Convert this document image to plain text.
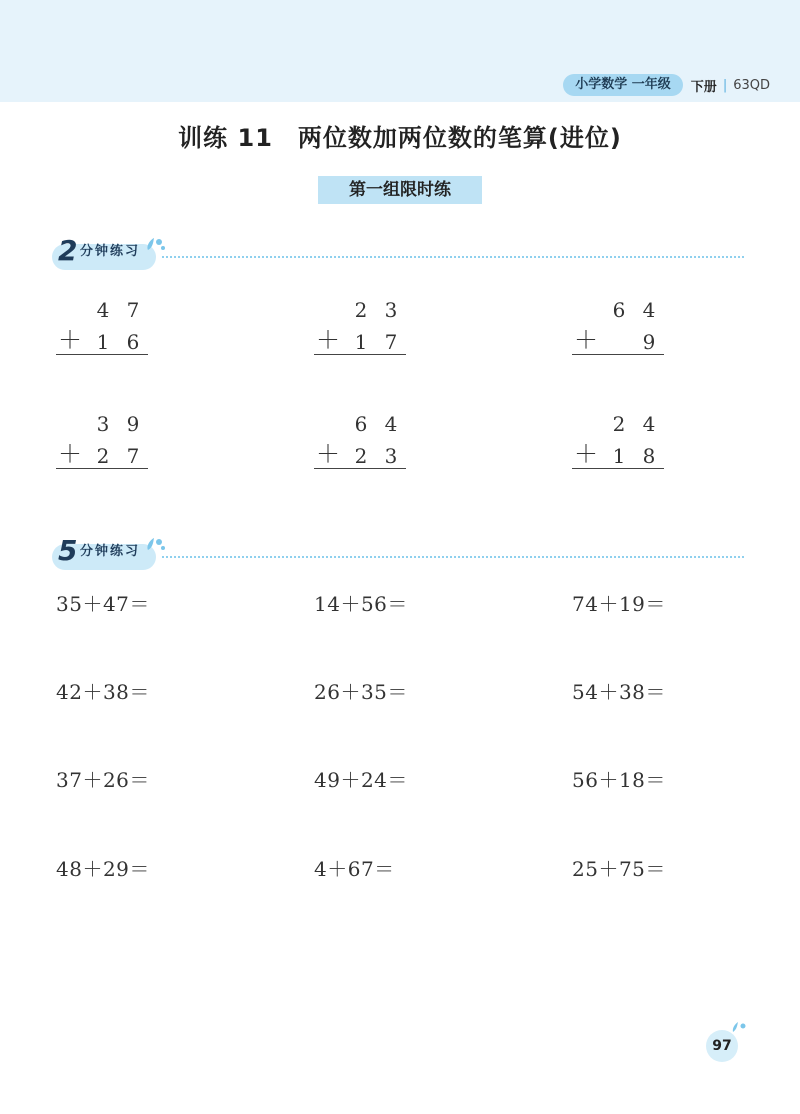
小学数学 一年级	下册 | 63QD
训练 11　两位数加两位数的笔算(进位)
第一组限时练
2 分钟练习
4 7
＋ 1 6
2 3
＋ 1 7
6 4
＋ 9
3 9
＋ 2 7
6 4
＋ 2 3
2 4
＋ 1 8
5 分钟练习
35＋47＝	14＋56＝	74＋19＝
42＋38＝	26＋35＝	54＋38＝
37＋26＝	49＋24＝	56＋18＝
48＋29＝	4＋67＝	25＋75＝
97
